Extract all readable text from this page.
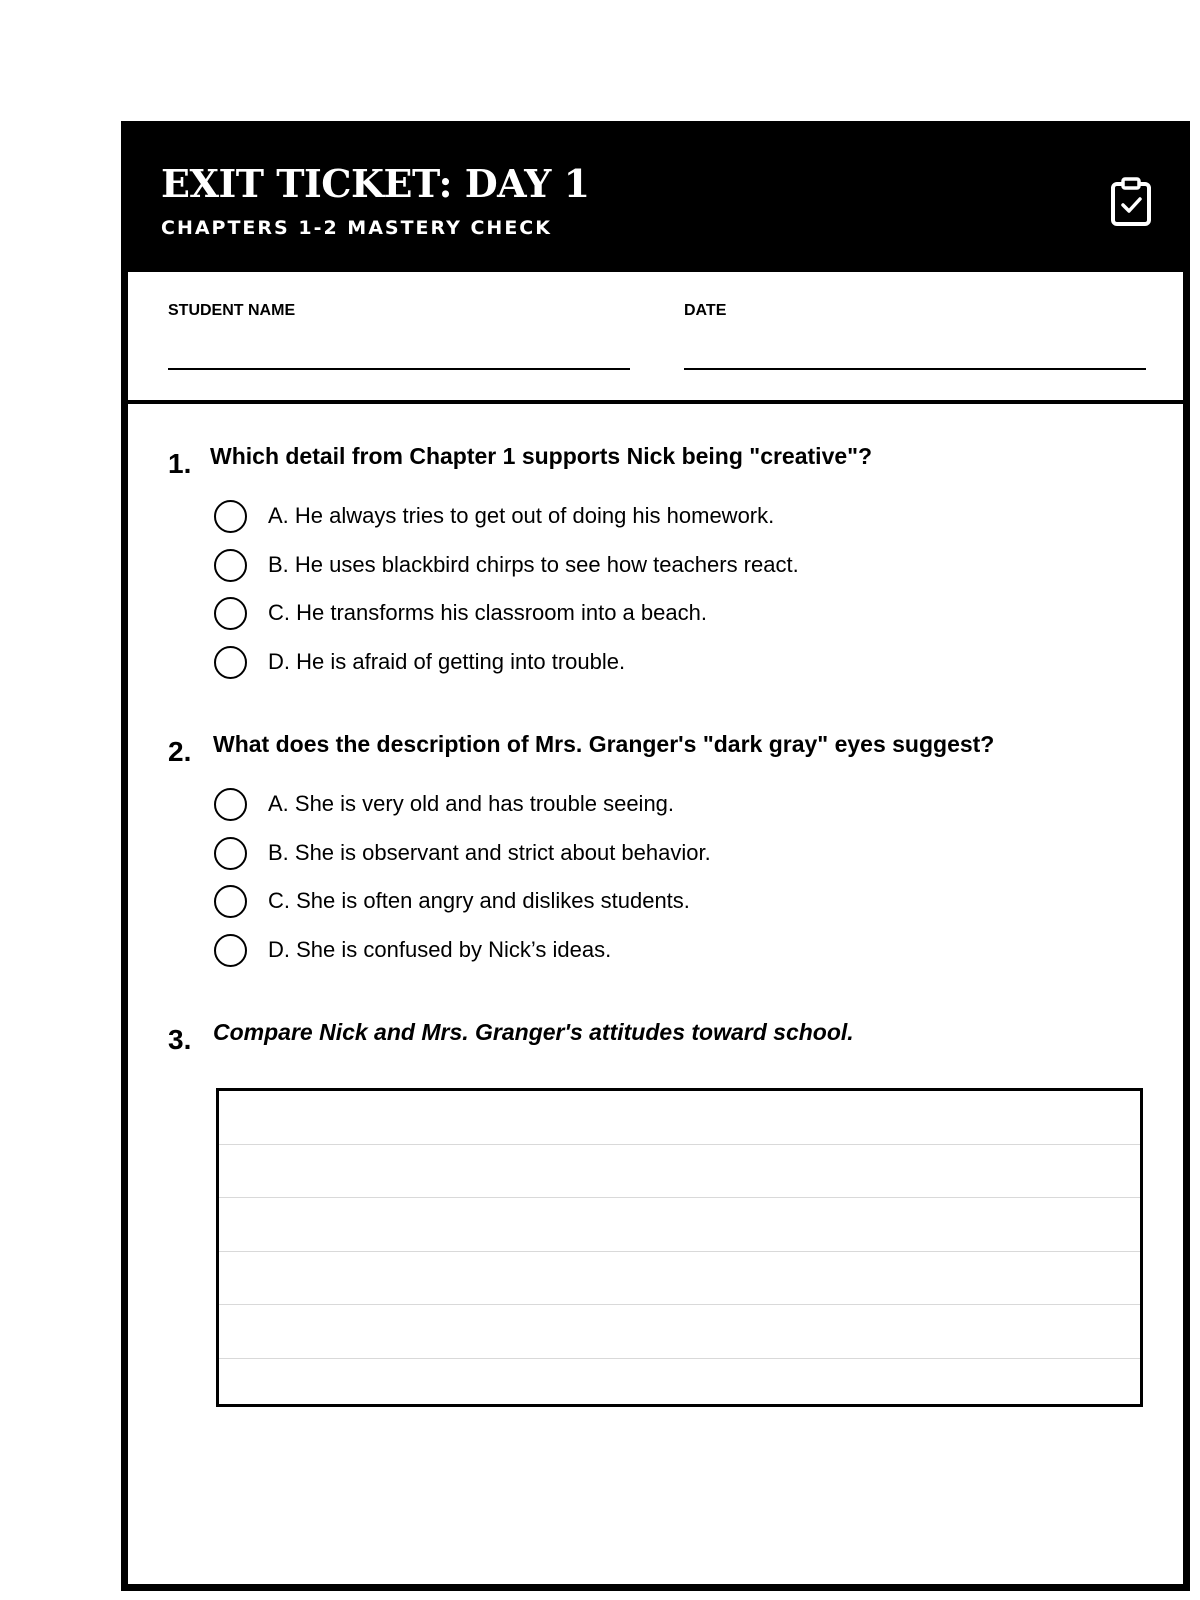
EXIT TICKET: DAY 1
CHAPTERS 1-2 MASTERY CHECK
STUDENT NAME	DATE
1. Which detail from Chapter 1 supports Nick being "creative"?
A. He always tries to get out of doing his homework.
B. He uses blackbird chirps to see how teachers react.
C. He transforms his classroom into a beach.
D. He is afraid of getting into trouble.
2. What does the description of Mrs. Granger's "dark gray" eyes suggest?
A. She is very old and has trouble seeing.
B. She is observant and strict about behavior.
C. She is often angry and dislikes students.
D. She is confused by Nick’s ideas.
3. Compare Nick and Mrs. Granger's attitudes toward school.
